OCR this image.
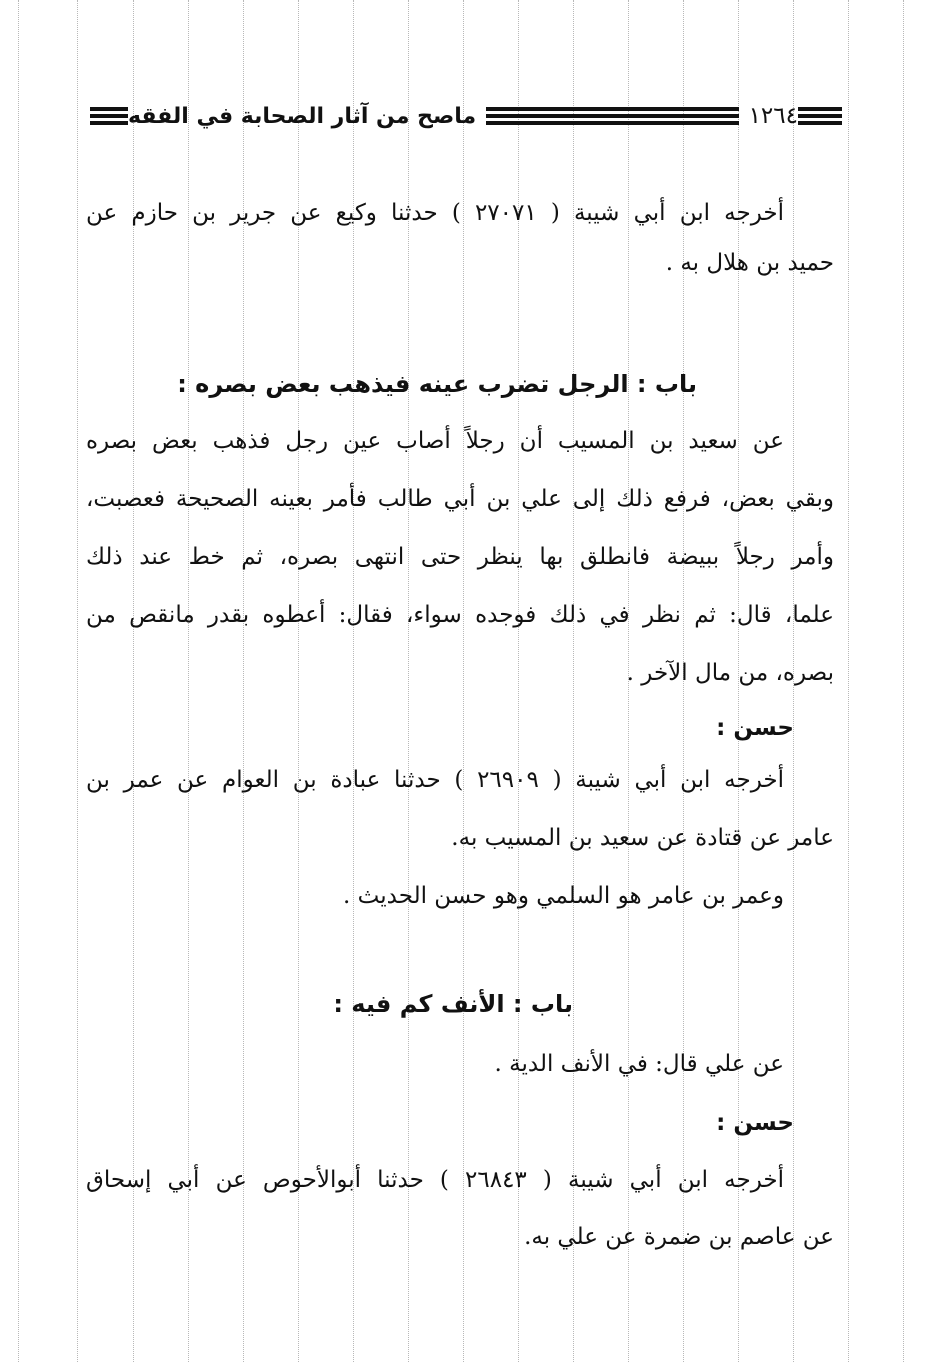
١٢٦٤
ماصح من آثار الصحابة في الفقه
أخرجه ابن أبي شيبة ( ٢٧٠٧١ ) حدثنا وكيع عن جرير بن حازم عن
حميد بن هلال به .
باب : الرجل تضرب عينه فيذهب بعض بصره :
عن سعيد بن المسيب أن رجلاً أصاب عين رجل فذهب بعض بصره
وبقي بعض، فرفع ذلك إلى علي بن أبي طالب فأمر بعينه الصحيحة فعصبت،
وأمر رجلاً ببيضة فانطلق بها ينظر حتى انتهى بصره، ثم خط عند ذلك
علما، قال: ثم نظر في ذلك فوجده سواء، فقال: أعطوه بقدر مانقص من
بصره، من مال الآخر .
حسن :
أخرجه ابن أبي شيبة ( ٢٦٩٠٩ ) حدثنا عبادة بن العوام عن عمر بن
عامر عن قتادة عن سعيد بن المسيب به.
وعمر بن عامر هو السلمي وهو حسن الحديث .
باب : الأنف كم فيه :
عن علي قال: في الأنف الدية .
حسن :
أخرجه ابن أبي شيبة ( ٢٦٨٤٣ ) حدثنا أبوالأحوص عن أبي إسحاق
عن عاصم بن ضمرة عن علي به.
